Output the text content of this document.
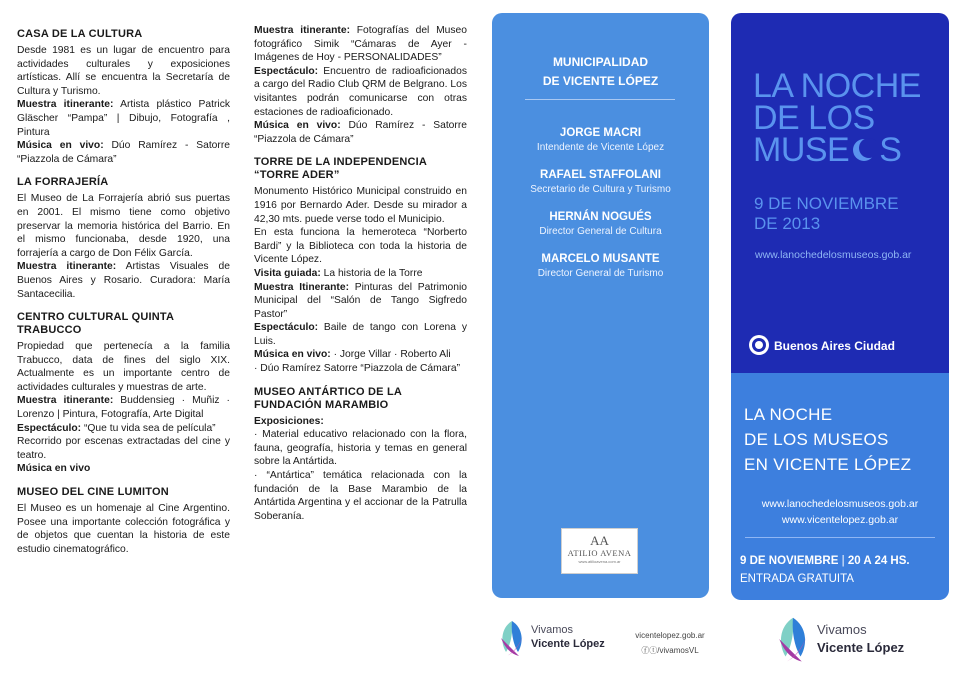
CASA DE LA CULTURA
Desde 1981 es un lugar de encuentro para actividades culturales y exposiciones artísticas. Allí se encuentra la Secretaría de Cultura y Turismo.
Muestra itinerante: Artista plástico Patrick Gläscher “Pampa” | Dibujo, Fotografía , Pintura
Música en vivo: Dúo Ramírez - Satorre “Piazzola de Cámara”
LA FORRAJERÍA
El Museo de La Forrajería abrió sus puertas en 2001. El mismo tiene como objetivo preservar la memoria histórica del Barrio. En el mismo funcionaba, desde 1920, una forrajería a cargo de Don Félix García.
Muestra itinerante: Artistas Visuales de Buenos Aires y Rosario. Curadora: María Santacecilia.
CENTRO CULTURAL QUINTA TRABUCCO
Propiedad que pertenecía a la familia Trabucco, data de fines del siglo XIX. Actualmente es un importante centro de actividades culturales y muestras de arte.
Muestra itinerante: Buddensieg · Muñiz · Lorenzo | Pintura, Fotografía, Arte Digital
Espectáculo: “Que tu vida sea de película”
Recorrido por escenas extractadas del cine y teatro.
Música en vivo
MUSEO DEL CINE LUMITON
El Museo es un homenaje al Cine Argentino. Posee una importante colección fotográfica y de objetos que cuentan la historia de este estudio cinematográfico.
Muestra itinerante: Fotografías del Museo fotográfico Simik “Cámaras de Ayer - Imágenes de Hoy - PERSONALIDADES”
Espectáculo: Encuentro de radioaficionados a cargo del Radio Club QRM de Belgrano. Los visitantes podrán comunicarse con otras estaciones de radioaficionado.
Música en vivo: Dúo Ramírez - Satorre “Piazzola de Cámara”
TORRE DE LA INDEPENDENCIA “TORRE ADER”
Monumento Histórico Municipal construido en 1916 por Bernardo Ader. Desde su mirador a 42,30 mts. puede verse todo el Municipio.
En esta funciona la hemeroteca “Norberto Bardi” y la Biblioteca con toda la historia de Vicente López.
Visita guiada: La historia de la Torre
Muestra Itinerante: Pinturas del Patrimonio Municipal del “Salón de Tango Sigfredo Pastor”
Espectáculo: Baile de tango con Lorena y Luis.
Música en vivo: · Jorge Villar · Roberto Ali
· Dúo Ramírez Satorre “Piazzola de Cámara”
MUSEO ANTÁRTICO DE LA FUNDACIÓN MARAMBIO
Exposiciones:
· Material educativo relacionado con la flora, fauna, geografía, historia y temas en general sobre la Antártida.
· “Antártica” temática relacionada con la fundación de la Base Marambio de la Antártida Argentina y el accionar de la Patrulla Soberanía.
MUNICIPALIDAD
DE VICENTE LÓPEZ
JORGE MACRI
Intendente de Vicente López
RAFAEL STAFFOLANI
Secretario de Cultura y Turismo
HERNÁN NOGUÉS
Director General de Cultura
MARCELO MUSANTE
Director General de Turismo
AA
ATILIO AVENA
www.atilioavena.com.ar
Vivamos
Vicente López
vicentelopez.gob.ar
ⓕⓣ/vivamosVL
LA NOCHE
DE LOS
MUSE S
9 DE NOVIEMBRE
DE 2013
www.lanochedelosmuseos.gob.ar
Buenos Aires Ciudad
LA NOCHE
DE LOS MUSEOS
EN VICENTE LÓPEZ
www.lanochedelosmuseos.gob.ar
www.vicentelopez.gob.ar
9 DE NOVIEMBRE | 20 A 24 HS.
ENTRADA GRATUITA
Vivamos
Vicente López
